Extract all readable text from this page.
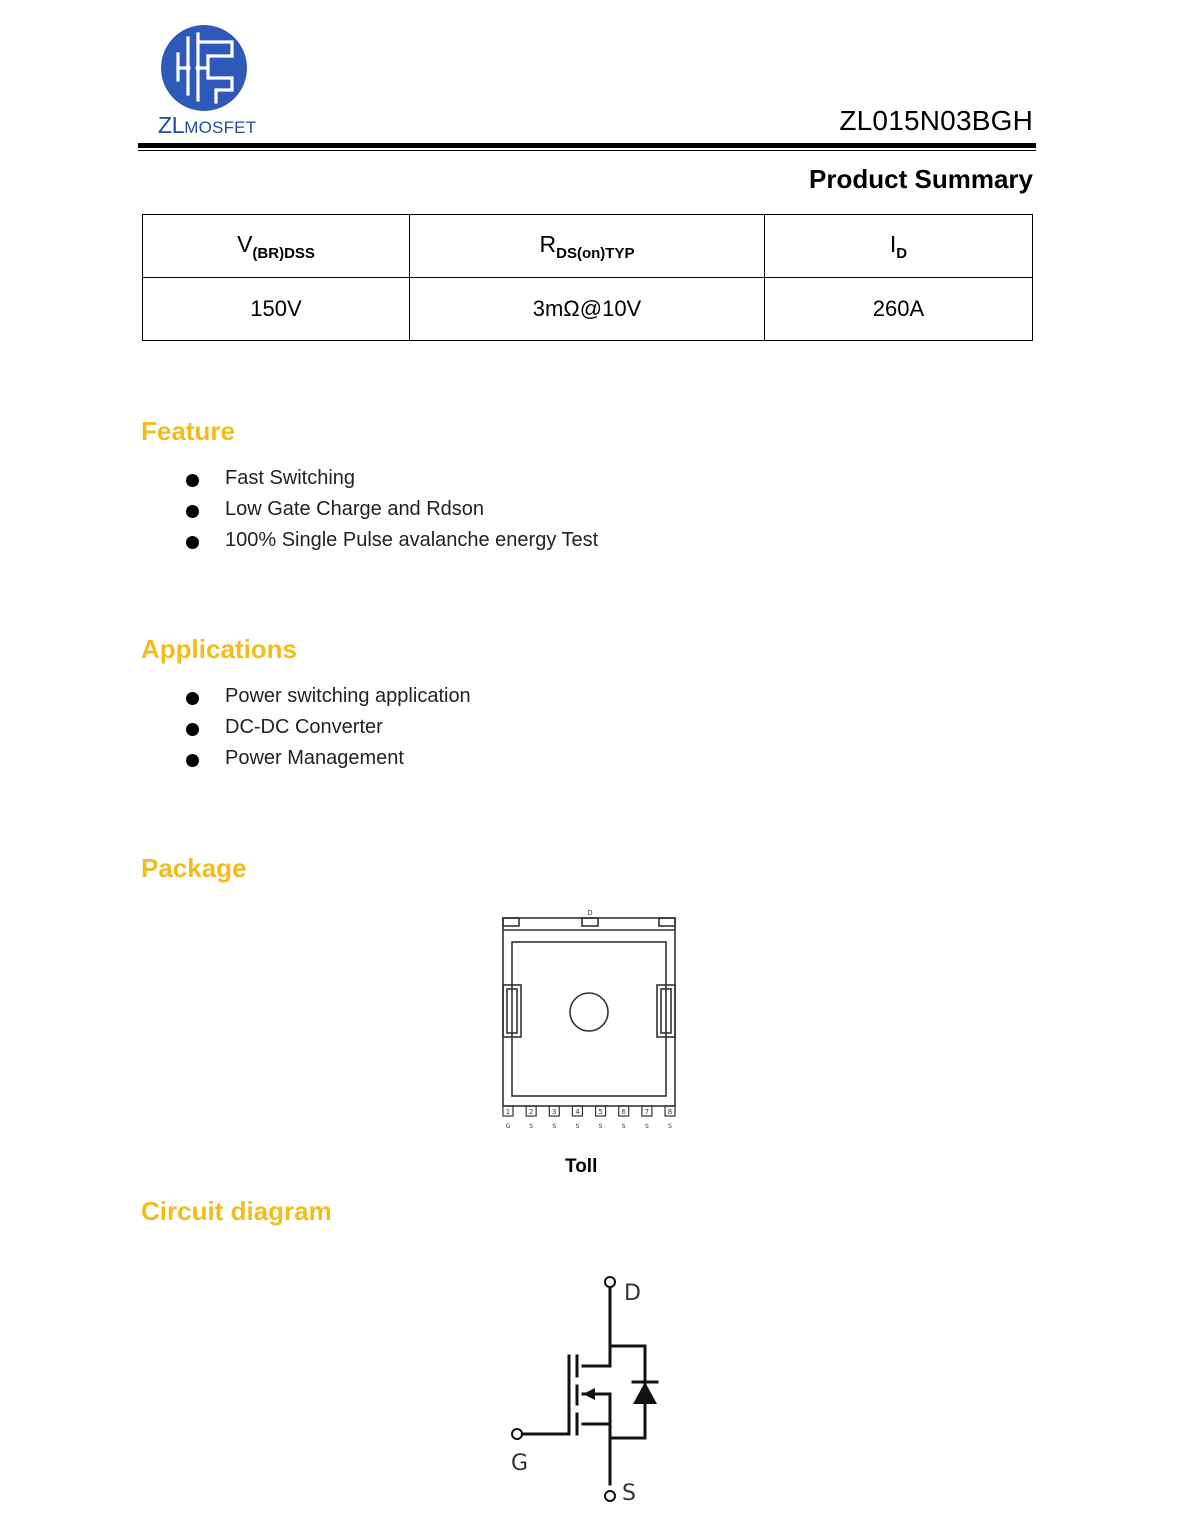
ZLMOSFET	ZL015N03BGH
Product Summary
$V_{(BR)DSS}$	$R_{DS(on)TYP}$	$I_D$
150V	3mΩ@10V	260A
Feature
Fast Switching
Low Gate Charge and Rdson
100% Single Pulse avalanche energy Test
Applications
Power switching application
DC-DC Converter
Power Management
Package
D
1
G
2
S
3
S
4
S
5
S
6
S
7
S
8
S
Toll
Circuit diagram
D
G
S
